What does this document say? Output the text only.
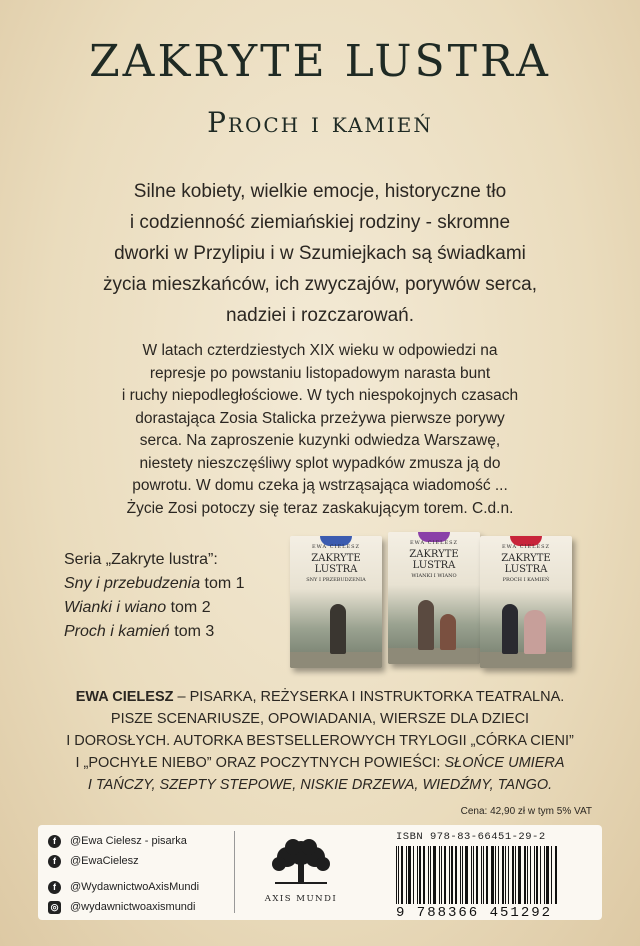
ZAKRYTE LUSTRA
Proch i kamień
Silne kobiety, wielkie emocje, historyczne tło
i codzienność ziemiańskiej rodziny - skromne
dworki w Przylipiu i w Szumiejkach są świadkami
życia mieszkańców, ich zwyczajów, porywów serca,
nadziei i rozczarowań.
W latach czterdziestych XIX wieku w odpowiedzi na
represje po powstaniu listopadowym narasta bunt
i ruchy niepodległościowe. W tych niespokojnych czasach
dorastająca Zosia Stalicka przeżywa pierwsze porywy
serca. Na zaproszenie kuzynki odwiedza Warszawę,
niestety nieszczęśliwy splot wypadków zmusza ją do
powrotu. W domu czeka ją wstrząsająca wiadomość ...
Życie Zosi potoczy się teraz zaskakującym torem. C.d.n.
Seria „Zakryte lustra”:
Sny i przebudzenia tom 1
Wianki i wiano tom 2
Proch i kamień tom 3
EWA CIELESZ
ZAKRYTE LUSTRA
SNY I PRZEBUDZENIA
EWA CIELESZ
ZAKRYTE LUSTRA
WIANKI I WIANO
EWA CIELESZ
ZAKRYTE LUSTRA
PROCH I KAMIEŃ
EWA CIELESZ – PISARKA, REŻYSERKA I INSTRUKTORKA TEATRALNA.
PISZE SCENARIUSZE, OPOWIADANIA, WIERSZE DLA DZIECI
I DOROSŁYCH. AUTORKA BESTSELLEROWYCH TRYLOGII „CÓRKA CIENI”
I „POCHYŁE NIEBO” ORAZ POCZYTNYCH POWIEŚCI: SŁOŃCE UMIERA
I TAŃCZY, SZEPTY STEPOWE, NISKIE DRZEWA, WIEDŹMY, TANGO.
Cena: 42,90 zł w tym 5% VAT
f	@Ewa Cielesz - pisarka
f	@EwaCielesz
f	@WydawnictwoAxisMundi
◎ @wydawnictwoaxismundi
AXIS MUNDI
ISBN 978-83-66451-29-2
9 788366 451292
